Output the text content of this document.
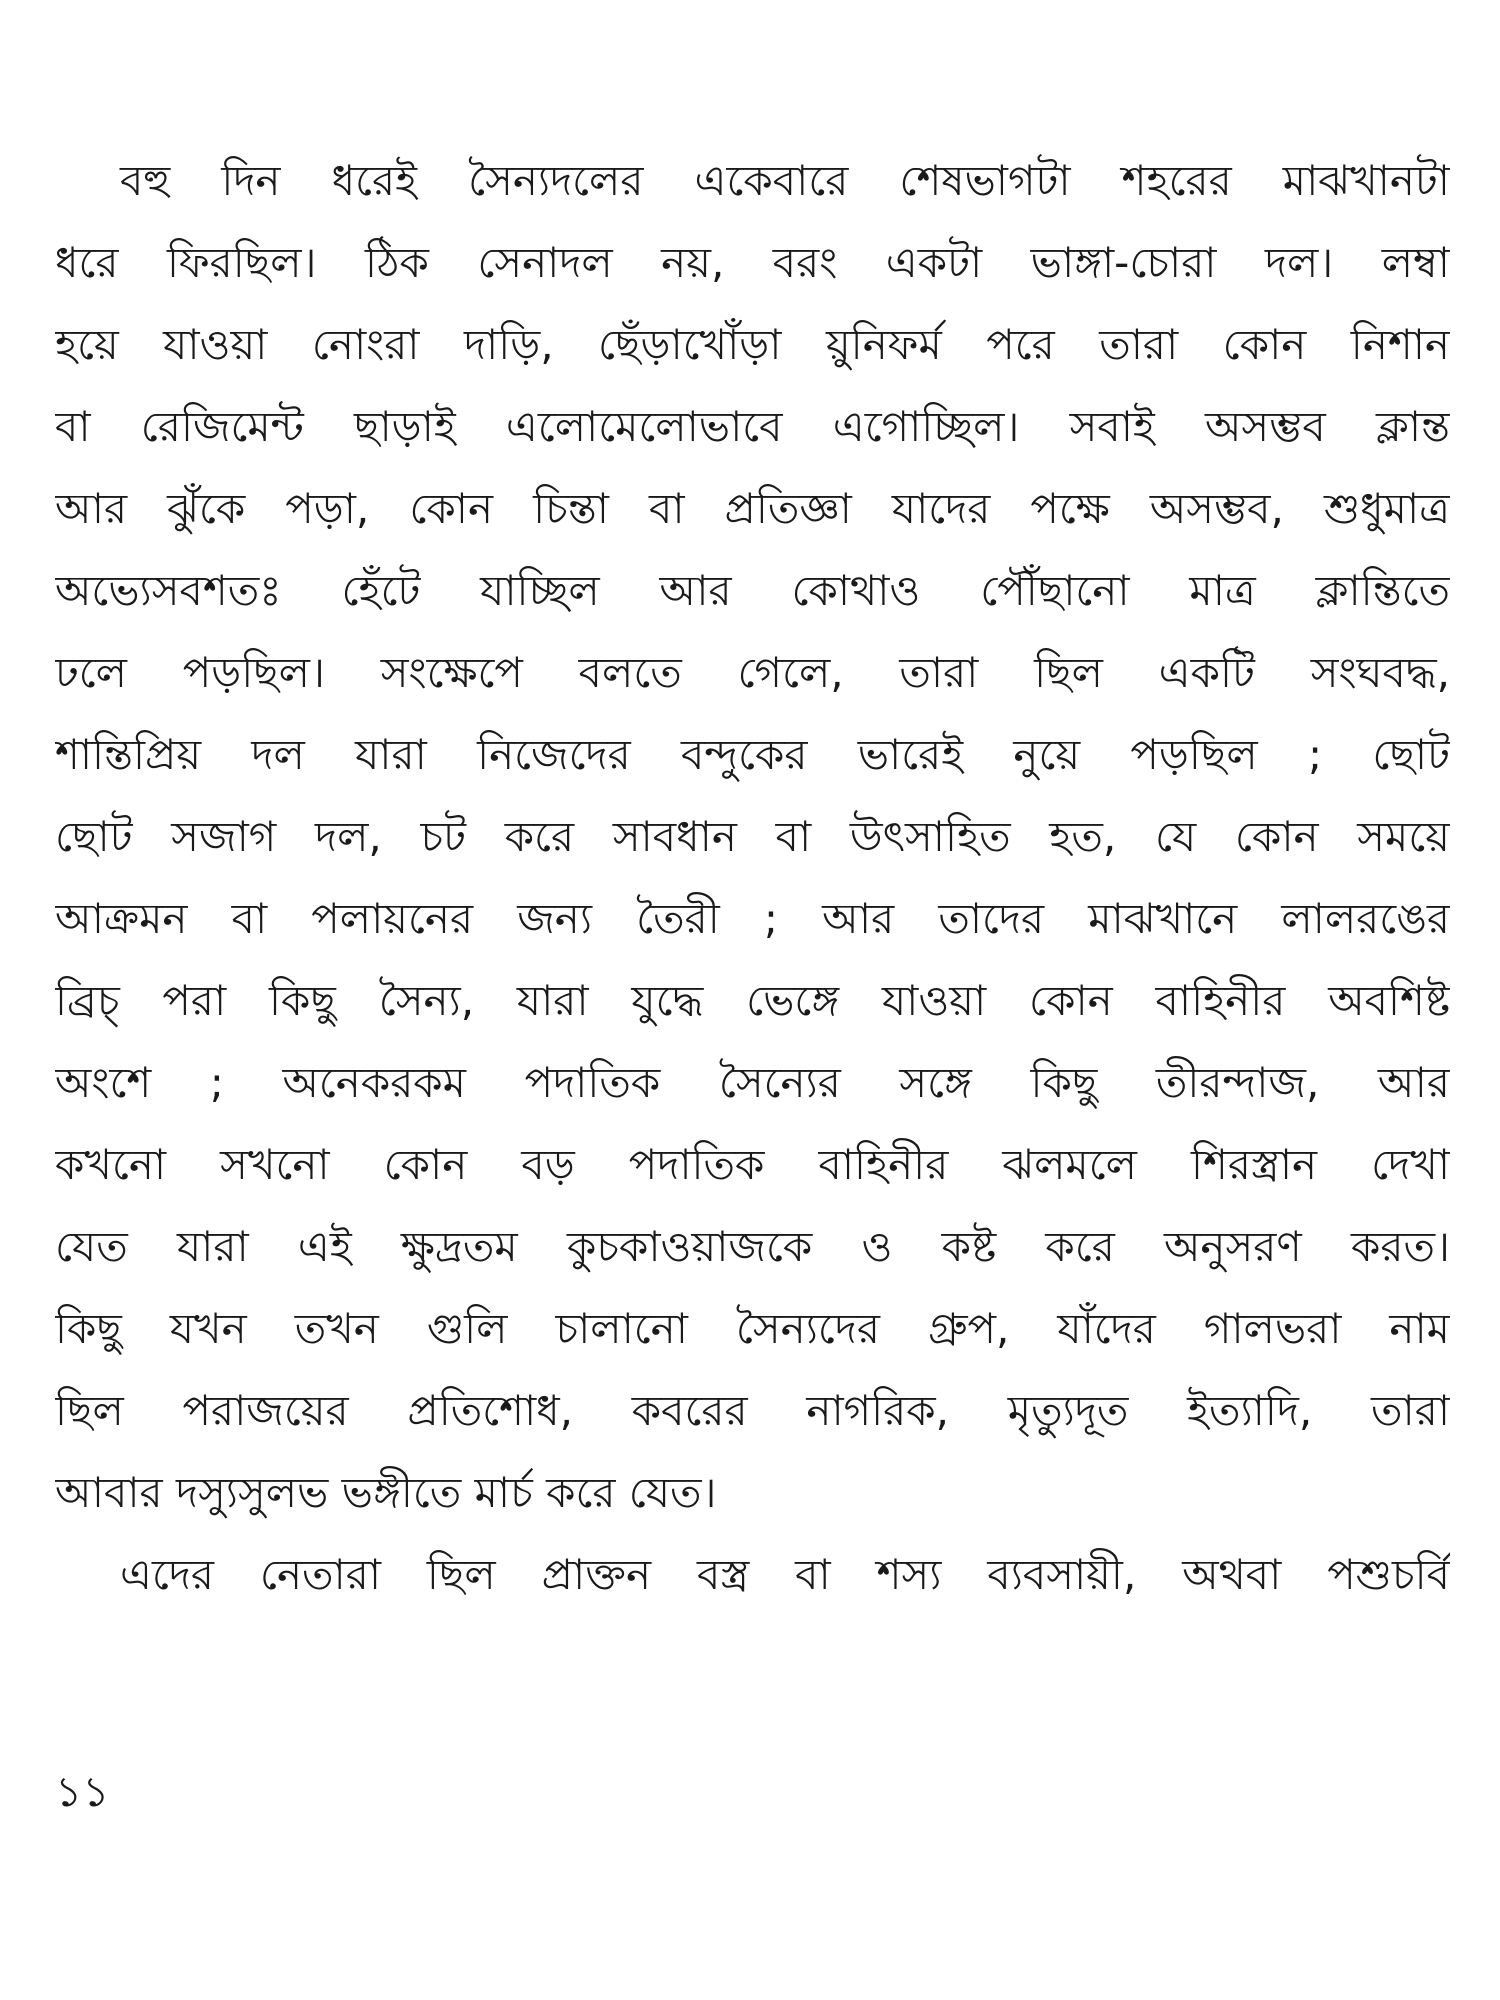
বহু দিন ধরেই সৈন্যদলের একেবারে শেষভাগটা শহরের মাঝখানটা
ধরে ফিরছিল। ঠিক সেনাদল নয়, বরং একটা ভাঙ্গা-চোরা দল। লম্বা
হয়ে যাওয়া নোংরা দাড়ি, ছেঁড়াখোঁড়া য়ুনিফর্ম পরে তারা কোন নিশান
বা রেজিমেন্ট ছাড়াই এলোমেলোভাবে এগোচ্ছিল। সবাই অসম্ভব ক্লান্ত
আর ঝুঁকে পড়া, কোন চিন্তা বা প্রতিজ্ঞা যাদের পক্ষে অসম্ভব, শুধুমাত্র
অভ্যেসবশতঃ হেঁটে যাচ্ছিল আর কোথাও পৌঁছানো মাত্র ক্লান্তিতে
ঢলে পড়ছিল। সংক্ষেপে বলতে গেলে, তারা ছিল একটি সংঘবদ্ধ,
শান্তিপ্রিয় দল যারা নিজেদের বন্দুকের ভারেই নুয়ে পড়ছিল ; ছোট
ছোট সজাগ দল, চট করে সাবধান বা উৎসাহিত হত, যে কোন সময়ে
আক্রমন বা পলায়নের জন্য তৈরী ; আর তাদের মাঝখানে লালরঙের
ব্রিচ্ পরা কিছু সৈন্য, যারা যুদ্ধে ভেঙ্গে যাওয়া কোন বাহিনীর অবশিষ্ট
অংশে ; অনেকরকম পদাতিক সৈন্যের সঙ্গে কিছু তীরন্দাজ, আর
কখনো সখনো কোন বড় পদাতিক বাহিনীর ঝলমলে শিরস্ত্রান দেখা
যেত যারা এই ক্ষুদ্রতম কুচকাওয়াজকে ও কষ্ট করে অনুসরণ করত।
কিছু যখন তখন গুলি চালানো সৈন্যদের গ্রুপ, যাঁদের গালভরা নাম
ছিল পরাজয়ের প্রতিশোধ, কবরের নাগরিক, মৃত্যুদূত ইত্যাদি, তারা
আবার দস্যুসুলভ ভঙ্গীতে মার্চ করে যেত।
এদের নেতারা ছিল প্রাক্তন বস্ত্র বা শস্য ব্যবসায়ী, অথবা পশুচর্বি
১১
